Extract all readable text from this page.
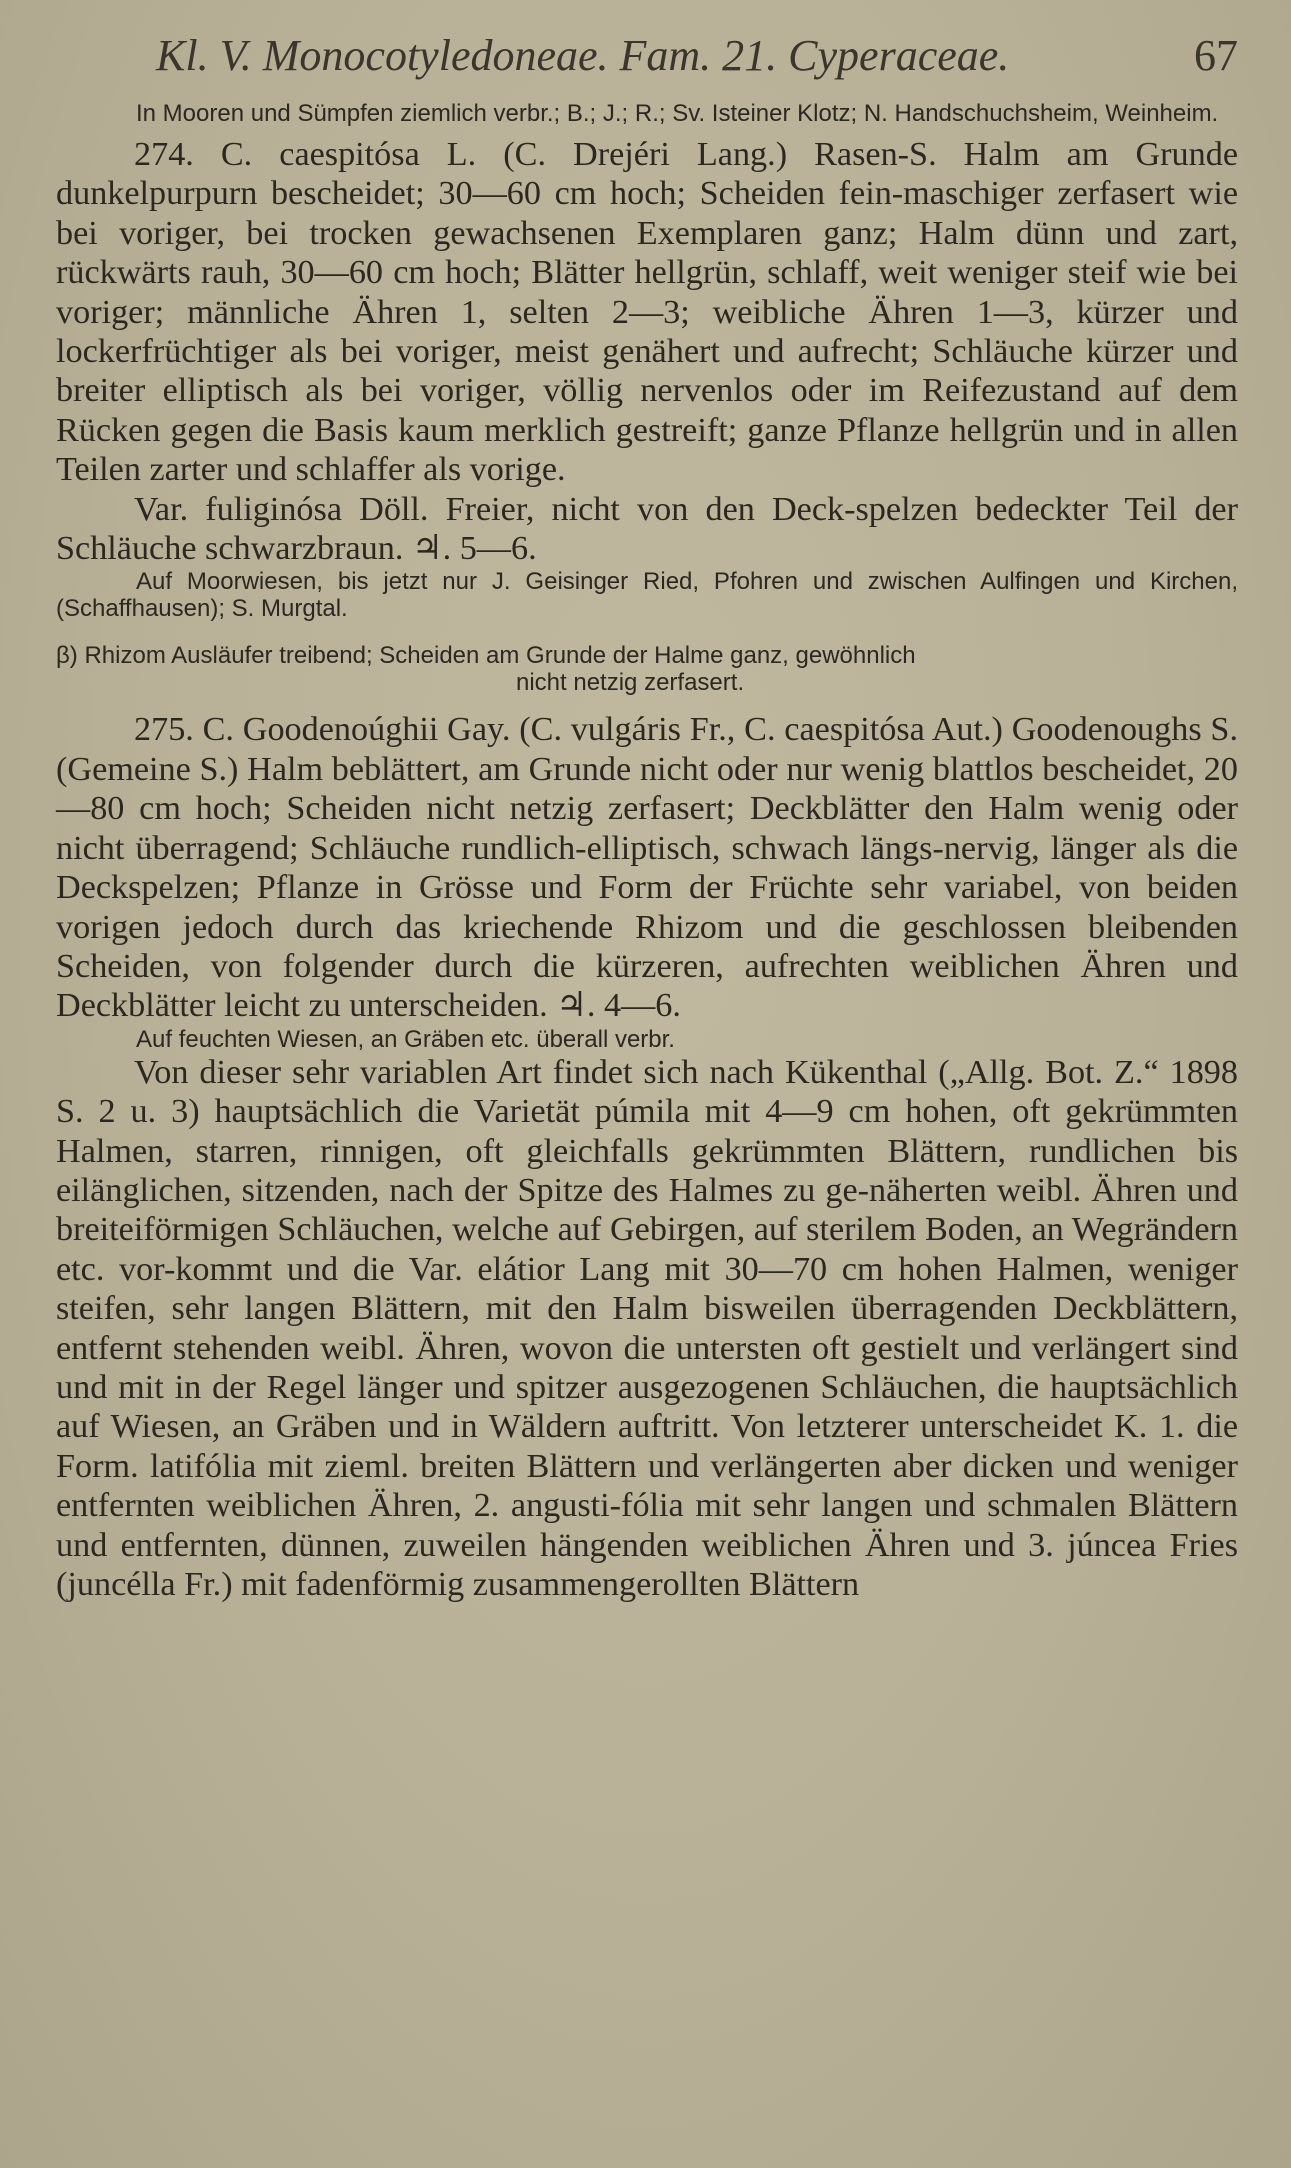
Kl. V. Monocotyledoneae. Fam. 21. Cyperaceae.	67

In Mooren und Sümpfen ziemlich verbr.; B.; J.; R.; Sv. Isteiner Klotz; N. Handschuchsheim, Weinheim.

274. C. caespitósa L. (C. Drejéri Lang.) Rasen-S. Halm am Grunde dunkelpurpurn bescheidet; 30—60 cm hoch; Scheiden fein-maschiger zerfasert wie bei voriger, bei trocken gewachsenen Exemplaren ganz; Halm dünn und zart, rückwärts rauh, 30—60 cm hoch; Blätter hellgrün, schlaff, weit weniger steif wie bei voriger; männliche Ähren 1, selten 2—3; weibliche Ähren 1—3, kürzer und lockerfrüchtiger als bei voriger, meist genähert und aufrecht; Schläuche kürzer und breiter elliptisch als bei voriger, völlig nervenlos oder im Reifezustand auf dem Rücken gegen die Basis kaum merklich gestreift; ganze Pflanze hellgrün und in allen Teilen zarter und schlaffer als vorige.

Var. fuliginósa Döll. Freier, nicht von den Deck-spelzen bedeckter Teil der Schläuche schwarzbraun. ♃. 5—6.

Auf Moorwiesen, bis jetzt nur J. Geisinger Ried, Pfohren und zwischen Aulfingen und Kirchen, (Schaffhausen); S. Murgtal.

β) Rhizom Ausläufer treibend; Scheiden am Grunde der Halme ganz, gewöhnlich

nicht netzig zerfasert.

275. C. Goodenoúghii Gay. (C. vulgáris Fr., C. caespitósa Aut.) Goodenoughs S. (Gemeine S.) Halm beblättert, am Grunde nicht oder nur wenig blattlos bescheidet, 20—80 cm hoch; Scheiden nicht netzig zerfasert; Deckblätter den Halm wenig oder nicht überragend; Schläuche rundlich-elliptisch, schwach längs-nervig, länger als die Deckspelzen; Pflanze in Grösse und Form der Früchte sehr variabel, von beiden vorigen jedoch durch das kriechende Rhizom und die geschlossen bleibenden Scheiden, von folgender durch die kürzeren, aufrechten weiblichen Ähren und Deckblätter leicht zu unterscheiden. ♃. 4—6.

Auf feuchten Wiesen, an Gräben etc. überall verbr.

Von dieser sehr variablen Art findet sich nach Kükenthal („Allg. Bot. Z.“ 1898 S. 2 u. 3) hauptsächlich die Varietät púmila mit 4—9 cm hohen, oft gekrümmten Halmen, starren, rinnigen, oft gleichfalls gekrümmten Blättern, rundlichen bis eilänglichen, sitzenden, nach der Spitze des Halmes zu ge-näherten weibl. Ähren und breiteiförmigen Schläuchen, welche auf Gebirgen, auf sterilem Boden, an Wegrändern etc. vor-kommt und die Var. elátior Lang mit 30—70 cm hohen Halmen, weniger steifen, sehr langen Blättern, mit den Halm bisweilen überragenden Deckblättern, entfernt stehenden weibl. Ähren, wovon die untersten oft gestielt und verlängert sind und mit in der Regel länger und spitzer ausgezogenen Schläuchen, die hauptsächlich auf Wiesen, an Gräben und in Wäldern auftritt. Von letzterer unterscheidet K. 1. die Form. latifólia mit zieml. breiten Blättern und verlängerten aber dicken und weniger entfernten weiblichen Ähren, 2. angusti-fólia mit sehr langen und schmalen Blättern und entfernten, dünnen, zuweilen hängenden weiblichen Ähren und 3. júncea Fries (juncélla Fr.) mit fadenförmig zusammengerollten Blättern
